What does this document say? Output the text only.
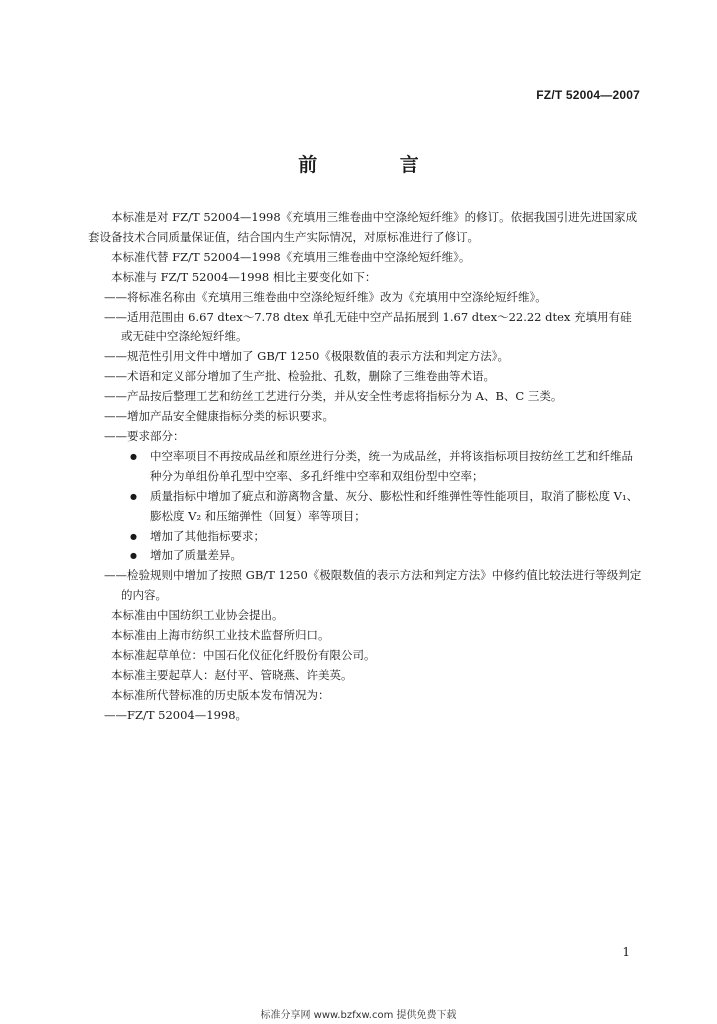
FZ/T 52004—2007
前 言

本标准是对 FZ/T 52004—1998《充填用三维卷曲中空涤纶短纤维》的修订。依据我国引进先进国家成套设备技术合同质量保证值，结合国内生产实际情况，对原标准进行了修订。

本标准代替 FZ/T 52004—1998《充填用三维卷曲中空涤纶短纤维》。

本标准与 FZ/T 52004—1998 相比主要变化如下：

——将标准名称由《充填用三维卷曲中空涤纶短纤维》改为《充填用中空涤纶短纤维》。

——适用范围由 6.67 dtex～7.78 dtex 单孔无硅中空产品拓展到 1.67 dtex～22.22 dtex 充填用有硅或无硅中空涤纶短纤维。

——规范性引用文件中增加了 GB/T 1250《极限数值的表示方法和判定方法》。

——术语和定义部分增加了生产批、检验批、孔数，删除了三维卷曲等术语。

——产品按后整理工艺和纺丝工艺进行分类，并从安全性考虑将指标分为 A、B、C 三类。

——增加产品安全健康指标分类的标识要求。

——要求部分：

●	中空率项目不再按成品丝和原丝进行分类，统一为成品丝，并将该指标项目按纺丝工艺和纤维品种分为单组份单孔型中空率、多孔纤维中空率和双组份型中空率；
●	质量指标中增加了疵点和游离物含量、灰分、膨松性和纤维弹性等性能项目，取消了膨松度 V₁、膨松度 V₂ 和压缩弹性（回复）率等项目；
●	增加了其他指标要求；
●	增加了质量差异。

——检验规则中增加了按照 GB/T 1250《极限数值的表示方法和判定方法》中修约值比较法进行等级判定的内容。

本标准由中国纺织工业协会提出。

本标准由上海市纺织工业技术监督所归口。

本标准起草单位：中国石化仪征化纤股份有限公司。

本标准主要起草人：赵付平、管晓燕、许美英。

本标准所代替标准的历史版本发布情况为：

——FZ/T 52004—1998。

1
标准分享网 www.bzfxw.com 提供免费下载
